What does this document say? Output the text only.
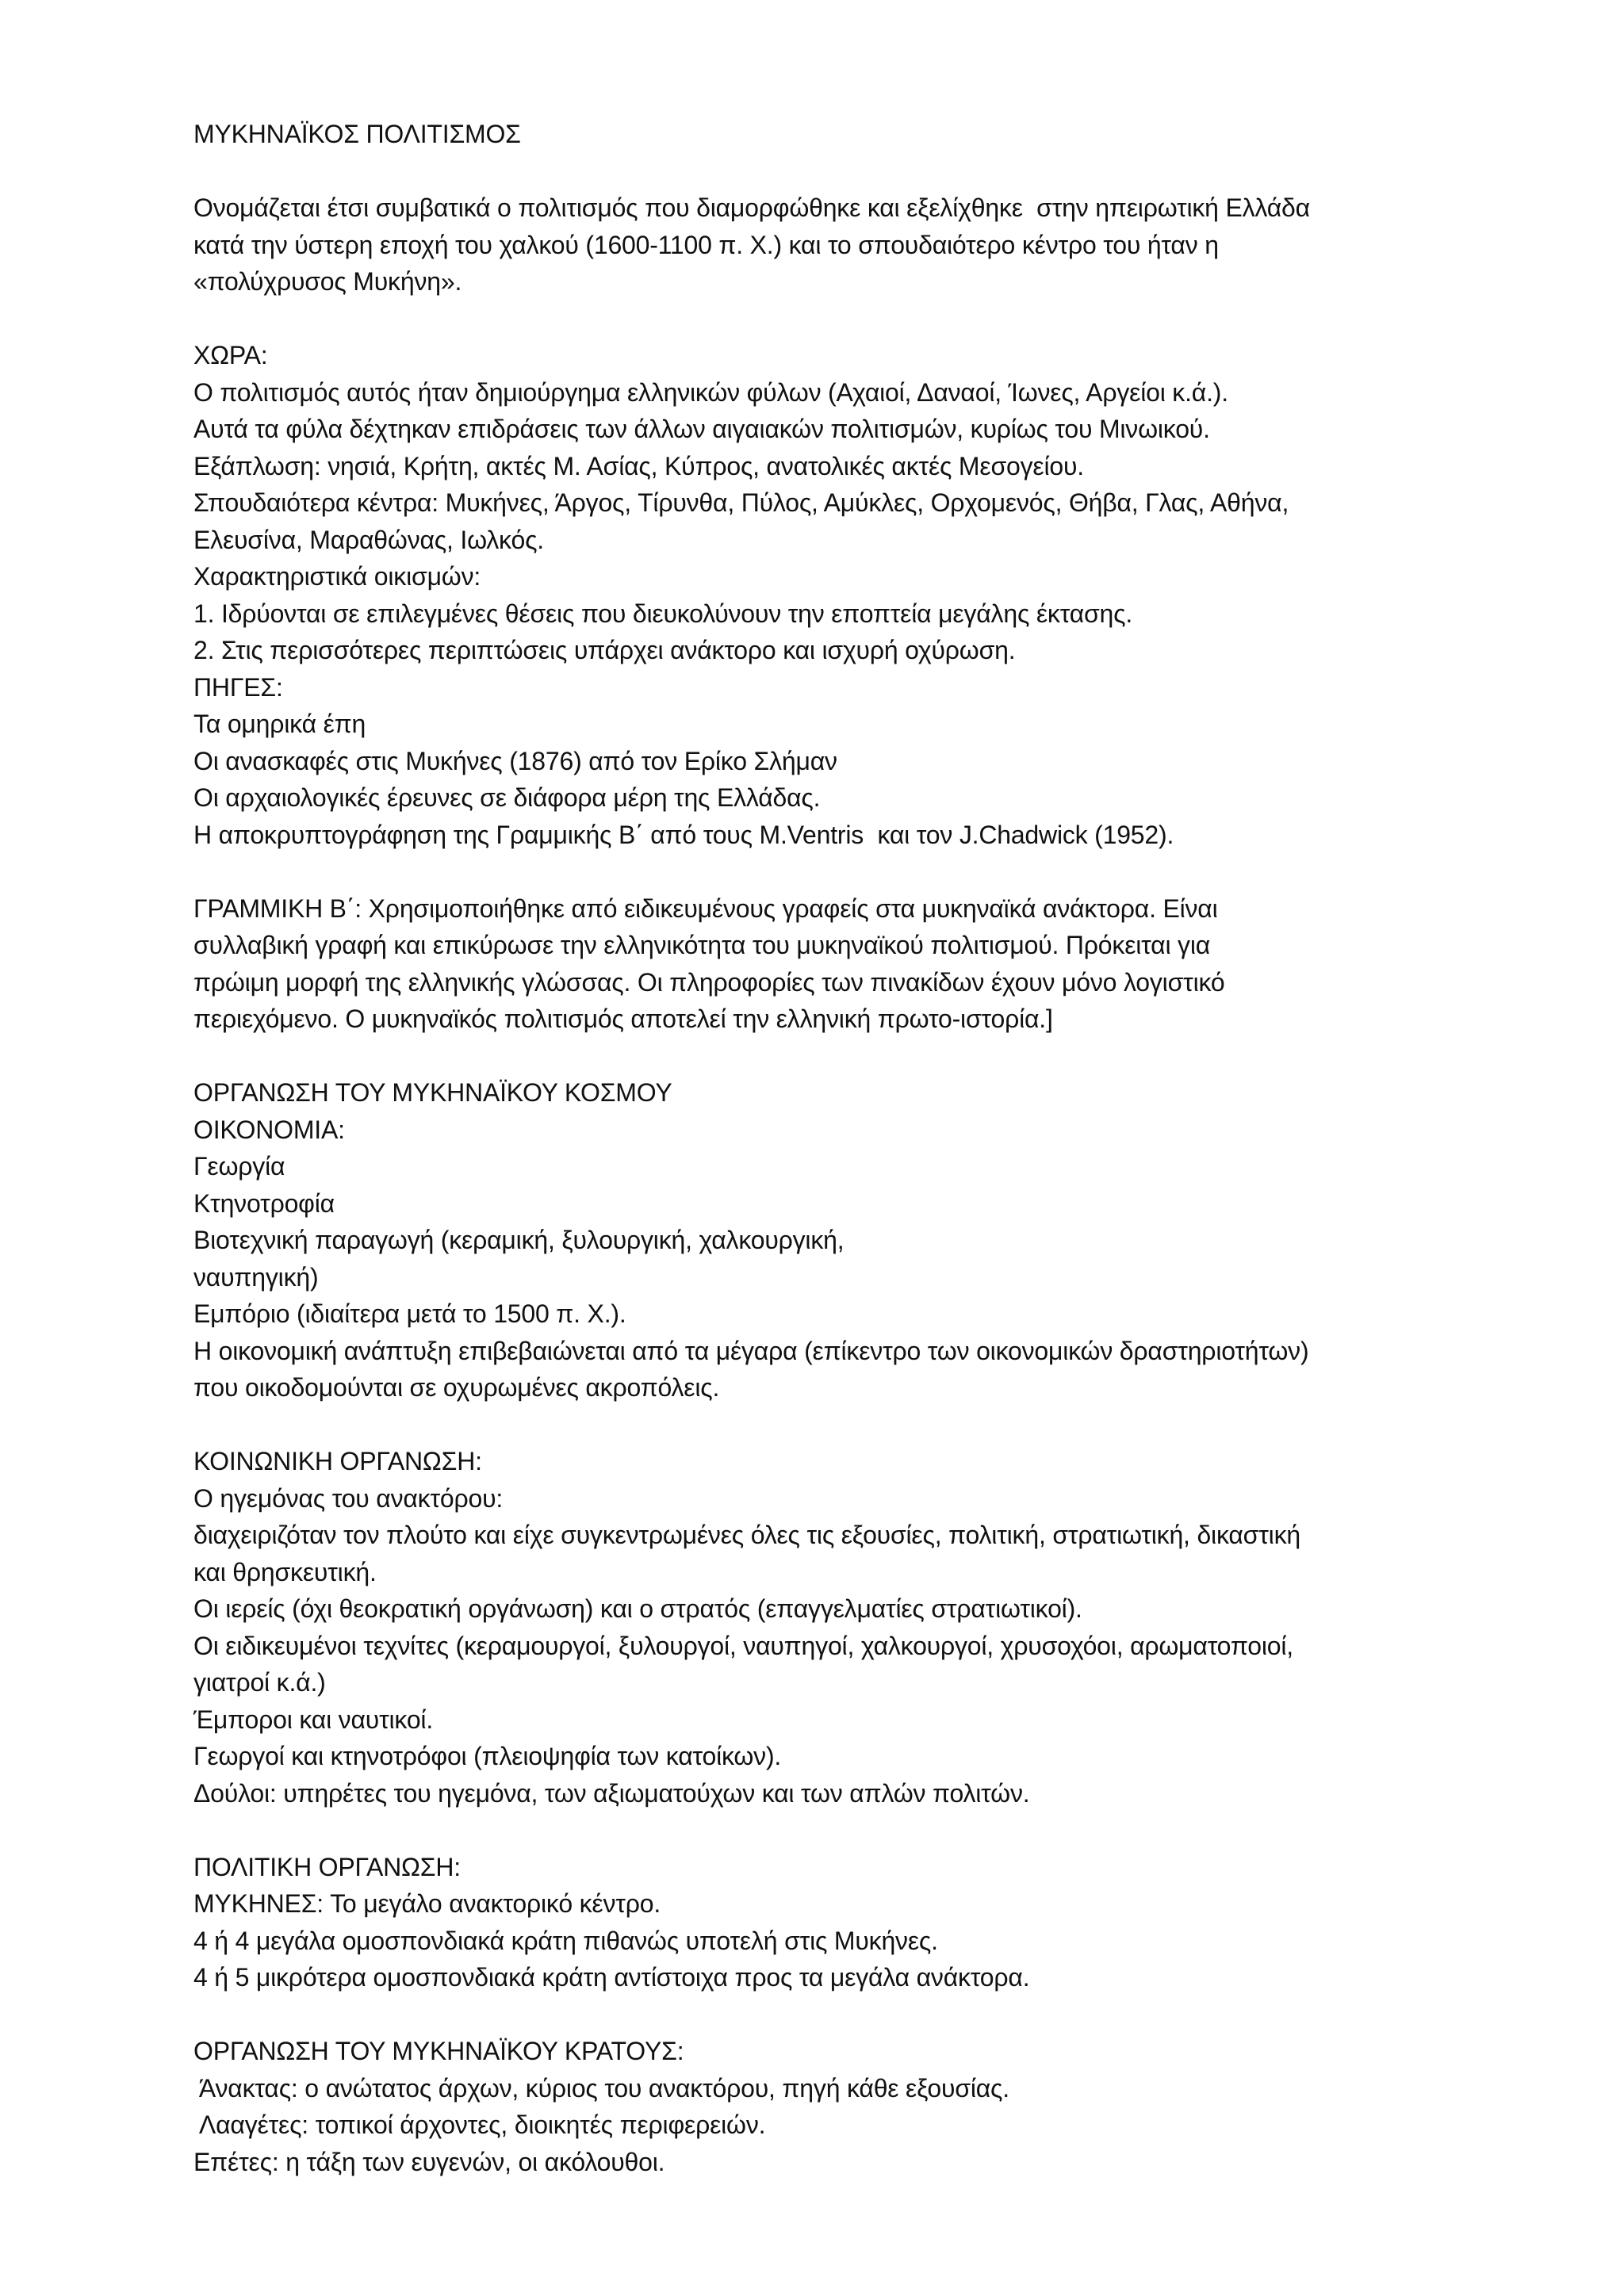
ΜΥΚΗΝΑΪΚΟΣ ΠΟΛΙΤΙΣΜΟΣ
Ονομάζεται έτσι συμβατικά ο πολιτισμός που διαμορφώθηκε και εξελίχθηκε  στην ηπειρωτική Ελλάδα
κατά την ύστερη εποχή του χαλκού (1600-1100 π. Χ.) και το σπουδαιότερο κέντρο του ήταν η
«πολύχρυσος Μυκήνη».
ΧΩΡΑ:
Ο πολιτισμός αυτός ήταν δημιούργημα ελληνικών φύλων (Αχαιοί, Δαναοί, Ίωνες, Αργείοι κ.ά.).
Αυτά τα φύλα δέχτηκαν επιδράσεις των άλλων αιγαιακών πολιτισμών, κυρίως του Μινωικού.
Εξάπλωση: νησιά, Κρήτη, ακτές Μ. Ασίας, Κύπρος, ανατολικές ακτές Μεσογείου.
Σπουδαιότερα κέντρα: Μυκήνες, Άργος, Τίρυνθα, Πύλος, Αμύκλες, Ορχομενός, Θήβα, Γλας, Αθήνα,
Ελευσίνα, Μαραθώνας, Ιωλκός.
Χαρακτηριστικά οικισμών:
1. Ιδρύονται σε επιλεγμένες θέσεις που διευκολύνουν την εποπτεία μεγάλης έκτασης.
2. Στις περισσότερες περιπτώσεις υπάρχει ανάκτορο και ισχυρή οχύρωση.
ΠΗΓΕΣ:
Τα ομηρικά έπη
Οι ανασκαφές στις Μυκήνες (1876) από τον Ερίκο Σλήμαν
Οι αρχαιολογικές έρευνες σε διάφορα μέρη της Ελλάδας.
Η αποκρυπτογράφηση της Γραμμικής Β΄ από τους M.Ventris  και τον J.Chadwick (1952).
ΓΡΑΜΜΙΚΗ Β΄: Χρησιμοποιήθηκε από ειδικευμένους γραφείς στα μυκηναϊκά ανάκτορα. Είναι
συλλαβική γραφή και επικύρωσε την ελληνικότητα του μυκηναϊκού πολιτισμού. Πρόκειται για
πρώιμη μορφή της ελληνικής γλώσσας. Οι πληροφορίες των πινακίδων έχουν μόνο λογιστικό
περιεχόμενο. Ο μυκηναϊκός πολιτισμός αποτελεί την ελληνική πρωτο-ιστορία.]
ΟΡΓΑΝΩΣΗ ΤΟΥ ΜΥΚΗΝΑΪΚΟΥ ΚΟΣΜΟΥ
ΟΙΚΟΝΟΜΙΑ:
Γεωργία
Κτηνοτροφία
Βιοτεχνική παραγωγή (κεραμική, ξυλουργική, χαλκουργική,
ναυπηγική)
Εμπόριο (ιδιαίτερα μετά το 1500 π. Χ.).
Η οικονομική ανάπτυξη επιβεβαιώνεται από τα μέγαρα (επίκεντρο των οικονομικών δραστηριοτήτων)
που οικοδομούνται σε οχυρωμένες ακροπόλεις.
ΚΟΙΝΩΝΙΚΗ ΟΡΓΑΝΩΣΗ:
Ο ηγεμόνας του ανακτόρου:
διαχειριζόταν τον πλούτο και είχε συγκεντρωμένες όλες τις εξουσίες, πολιτική, στρατιωτική, δικαστική
και θρησκευτική.
Οι ιερείς (όχι θεοκρατική οργάνωση) και ο στρατός (επαγγελματίες στρατιωτικοί).
Οι ειδικευμένοι τεχνίτες (κεραμουργοί, ξυλουργοί, ναυπηγοί, χαλκουργοί, χρυσοχόοι, αρωματοποιοί,
γιατροί κ.ά.)
Έμποροι και ναυτικοί.
Γεωργοί και κτηνοτρόφοι (πλειοψηφία των κατοίκων).
Δούλοι: υπηρέτες του ηγεμόνα, των αξιωματούχων και των απλών πολιτών.
ΠΟΛΙΤΙΚΗ ΟΡΓΑΝΩΣΗ:
ΜΥΚΗΝΕΣ: Το μεγάλο ανακτορικό κέντρο.
4 ή 4 μεγάλα ομοσπονδιακά κράτη πιθανώς υποτελή στις Μυκήνες.
4 ή 5 μικρότερα ομοσπονδιακά κράτη αντίστοιχα προς τα μεγάλα ανάκτορα.
ΟΡΓΑΝΩΣΗ ΤΟΥ ΜΥΚΗΝΑΪΚΟΥ ΚΡΑΤΟΥΣ:
Άνακτας: ο ανώτατος άρχων, κύριος του ανακτόρου, πηγή κάθε εξουσίας.
Λααγέτες: τοπικοί άρχοντες, διοικητές περιφερειών.
Επέτες: η τάξη των ευγενών, οι ακόλουθοι.
